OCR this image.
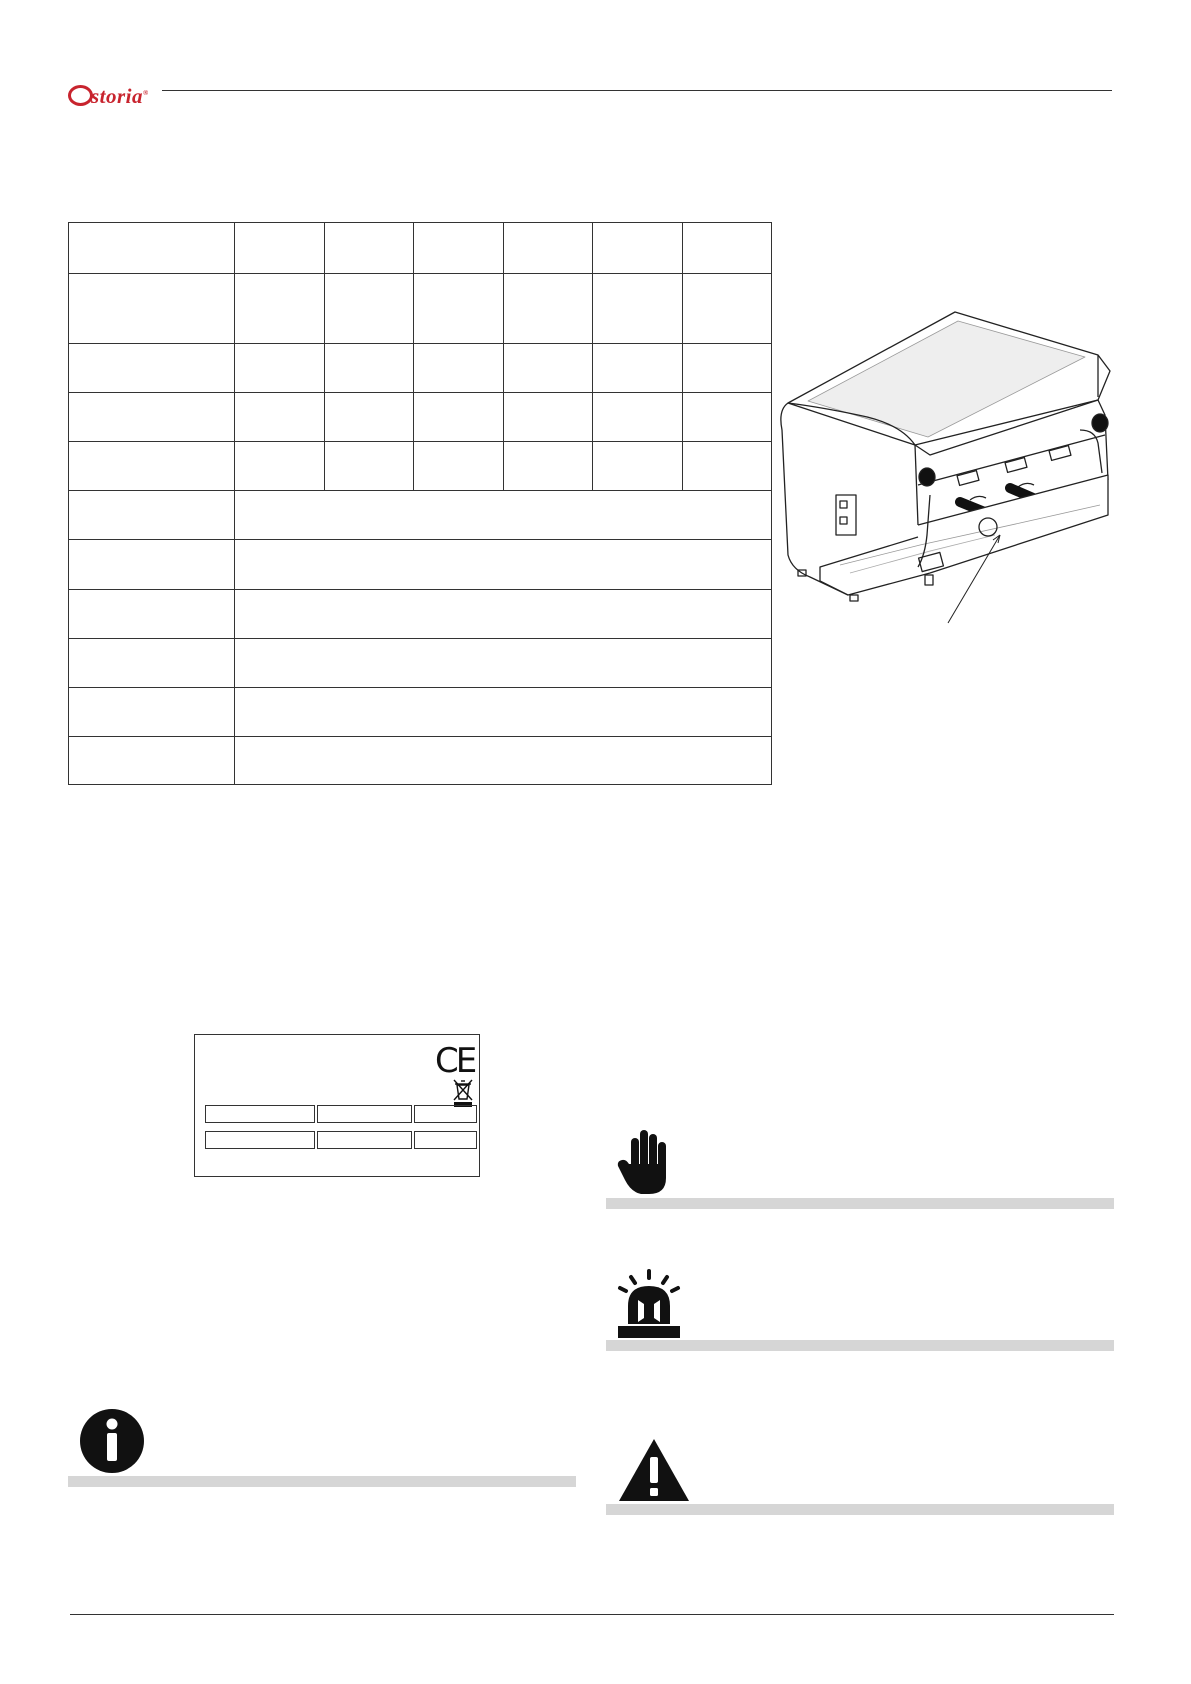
storia®

CE
